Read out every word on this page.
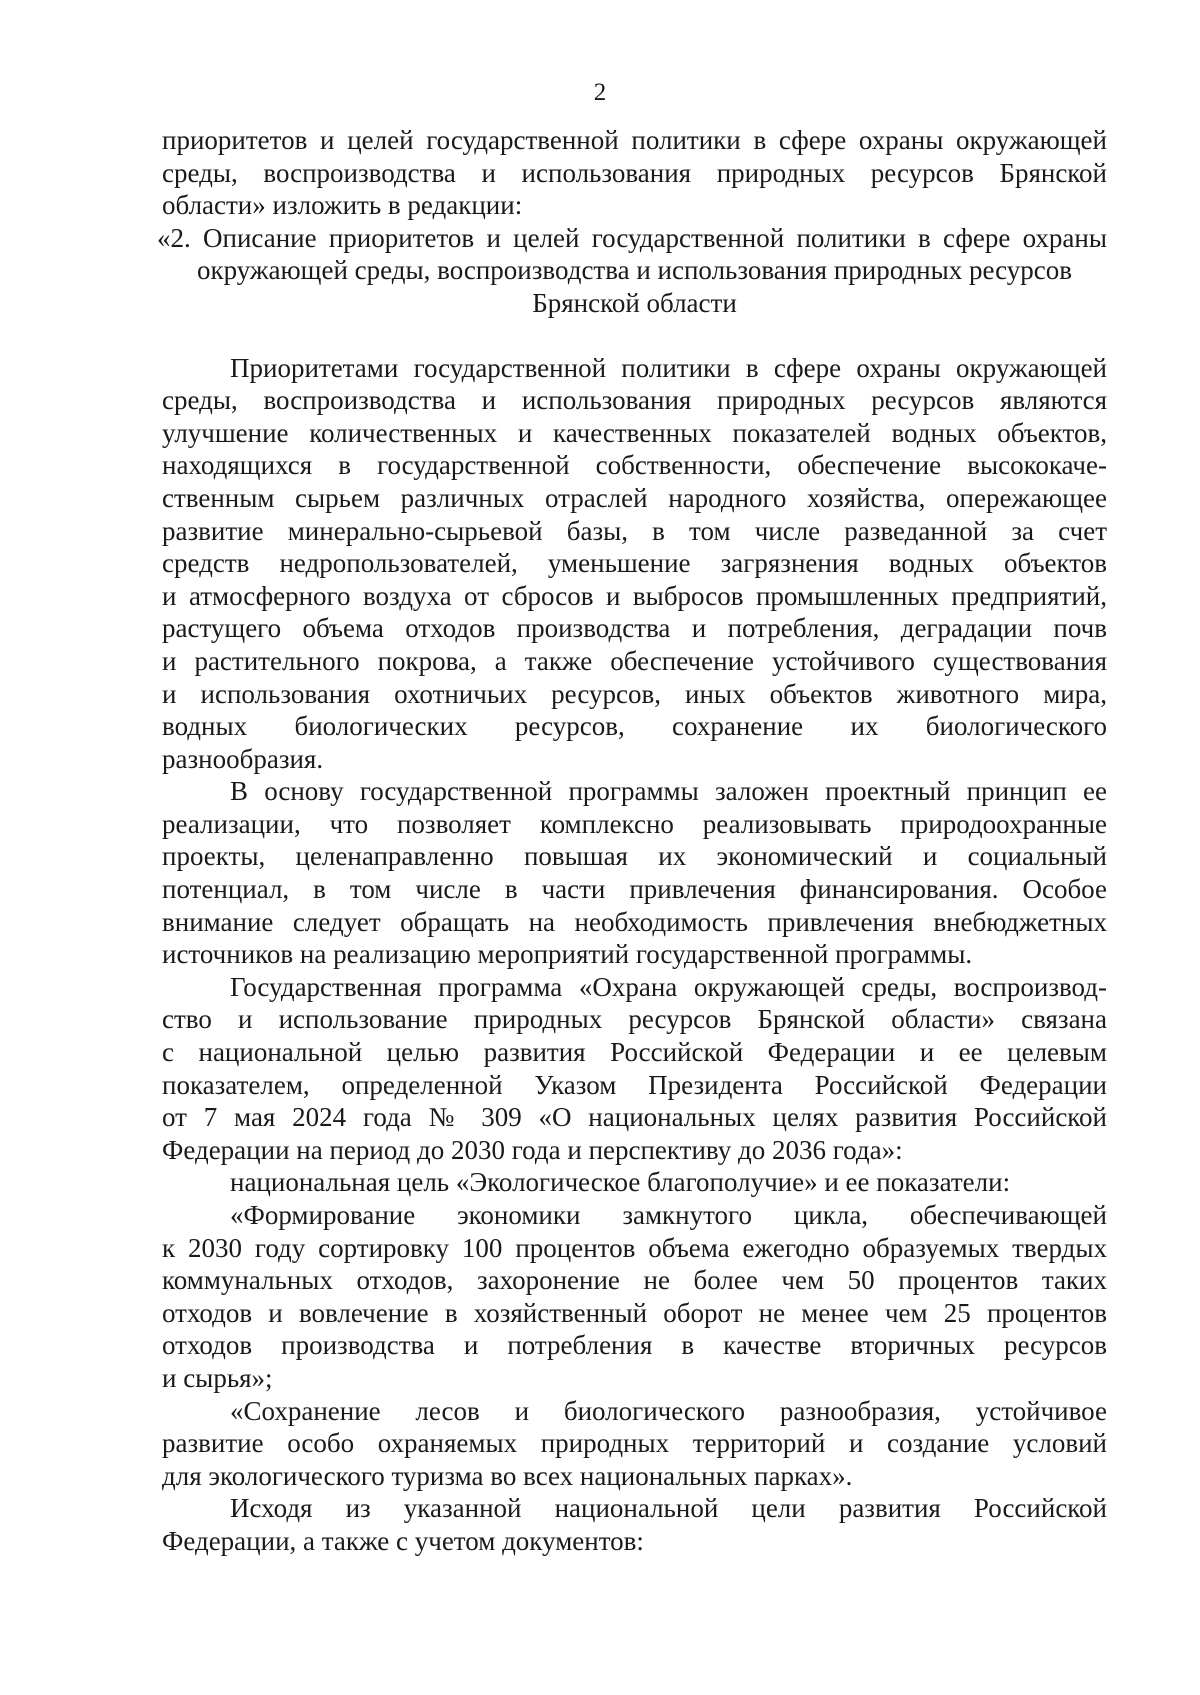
2
приоритетов и целей государственной политики в сфере охраны окружающей
среды, воспроизводства и использования природных ресурсов Брянской
области» изложить в редакции:
«2. Описание приоритетов и целей государственной политики в сфере охраны
окружающей среды, воспроизводства и использования природных ресурсов
Брянской области
Приоритетами государственной политики в сфере охраны окружающей
среды, воспроизводства и использования природных ресурсов являются
улучшение количественных и качественных показателей водных объектов,
находящихся в государственной собственности, обеспечение высококаче-
ственным сырьем различных отраслей народного хозяйства, опережающее
развитие минерально-сырьевой базы, в том числе разведанной за счет
средств недропользователей, уменьшение загрязнения водных объектов
и атмосферного воздуха от сбросов и выбросов промышленных предприятий,
растущего объема отходов производства и потребления, деградации почв
и растительного покрова, а также обеспечение устойчивого существования
и использования охотничьих ресурсов, иных объектов животного мира,
водных биологических ресурсов, сохранение их биологического
разнообразия.
В основу государственной программы заложен проектный принцип ее
реализации, что позволяет комплексно реализовывать природоохранные
проекты, целенаправленно повышая их экономический и социальный
потенциал, в том числе в части привлечения финансирования. Особое
внимание следует обращать на необходимость привлечения внебюджетных
источников на реализацию мероприятий государственной программы.
Государственная программа «Охрана окружающей среды, воспроизвод-
ство и использование природных ресурсов Брянской области» связана
с национальной целью развития Российской Федерации и ее целевым
показателем, определенной Указом Президента Российской Федерации
от 7 мая 2024 года № 309 «О национальных целях развития Российской
Федерации на период до 2030 года и перспективу до 2036 года»:
национальная цель «Экологическое благополучие» и ее показатели:
«Формирование экономики замкнутого цикла, обеспечивающей
к 2030 году сортировку 100 процентов объема ежегодно образуемых твердых
коммунальных отходов, захоронение не более чем 50 процентов таких
отходов и вовлечение в хозяйственный оборот не менее чем 25 процентов
отходов производства и потребления в качестве вторичных ресурсов
и сырья»;
«Сохранение лесов и биологического разнообразия, устойчивое
развитие особо охраняемых природных территорий и создание условий
для экологического туризма во всех национальных парках».
Исходя из указанной национальной цели развития Российской
Федерации, а также с учетом документов:
